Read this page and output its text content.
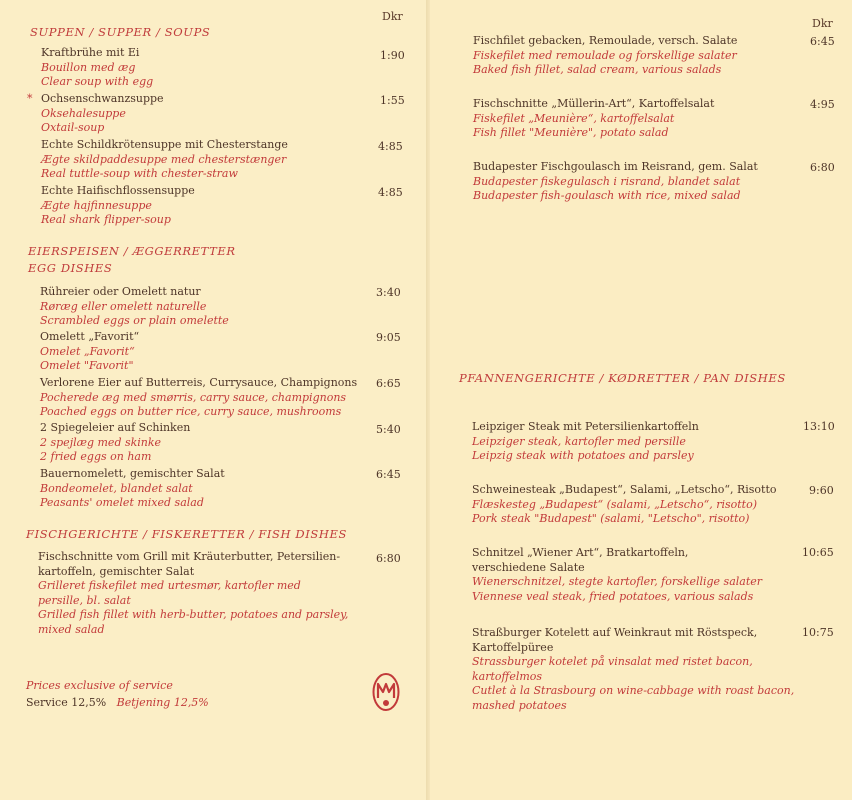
Dkr
SUPPEN / SUPPER / SOUPS
Kraftbrühe mit Ei
Bouillon med æg
Clear soup with egg
1:90
* Ochsenschwanzsuppe
Oksehalesuppe
Oxtail-soup
1:55
Echte Schildkrötensuppe mit Chesterstange
Ægte skildpaddesuppe med chesterstænger
Real tuttle-soup with chester-straw
4:85
Echte Haifischflossensuppe
Ægte hajfinnesuppe
Real shark flipper-soup
4:85
EIERSPEISEN / ÆGGERRETTER
EGG DISHES
Rühreier oder Omelett natur
Røræg eller omelett naturelle
Scrambled eggs or plain omelette
3:40
Omelett „Favorit“
Omelet „Favorit“
Omelet "Favorit"
9:05
Verlorene Eier auf Butterreis, Currysauce, Champignons
Pocherede æg med smørris, carry sauce, champignons
Poached eggs on butter rice, curry sauce, mushrooms
6:65
2 Spiegeleier auf Schinken
2 spejlæg med skinke
2 fried eggs on ham
5:40
Bauernomelett, gemischter Salat
Bondeomelet, blandet salat
Peasants' omelet mixed salad
6:45
FISCHGERICHTE / FISKERETTER / FISH DISHES
Fischschnitte vom Grill mit Kräuterbutter, Petersilien-
kartoffeln, gemischter Salat
Grilleret fiskefilet med urtesmør, kartofler med
persille, bl. salat
Grilled fish fillet with herb-butter, potatoes and parsley,
mixed salad
6:80
Prices exclusive of service
Service 12,5% Betjening 12,5%
Dkr
Fischfilet gebacken, Remoulade, versch. Salate
Fiskefilet med remoulade og forskellige salater
Baked fish fillet, salad cream, various salads
6:45
Fischschnitte „Müllerin-Art“, Kartoffelsalat
Fiskefilet „Meunière“, kartoffelsalat
Fish fillet "Meunière", potato salad
4:95
Budapester Fischgoulasch im Reisrand, gem. Salat
Budapester fiskegulasch i risrand, blandet salat
Budapester fish-goulasch with rice, mixed salad
6:80
PFANNENGERICHTE / KØDRETTER / PAN DISHES
Leipziger Steak mit Petersilienkartoffeln
Leipziger steak, kartofler med persille
Leipzig steak with potatoes and parsley
13:10
Schweinesteak „Budapest“, Salami, „Letscho“, Risotto
Flæskesteg „Budapest“ (salami, „Letscho“, risotto)
Pork steak "Budapest" (salami, "Letscho", risotto)
9:60
Schnitzel „Wiener Art“, Bratkartoffeln,
verschiedene Salate
Wienerschnitzel, stegte kartofler, forskellige salater
Viennese veal steak, fried potatoes, various salads
10:65
Straßburger Kotelett auf Weinkraut mit Röstspeck,
Kartoffelpüree
Strassburger kotelet på vinsalat med ristet bacon,
kartoffelmos
Cutlet à la Strasbourg on wine-cabbage with roast bacon,
mashed potatoes
10:75
